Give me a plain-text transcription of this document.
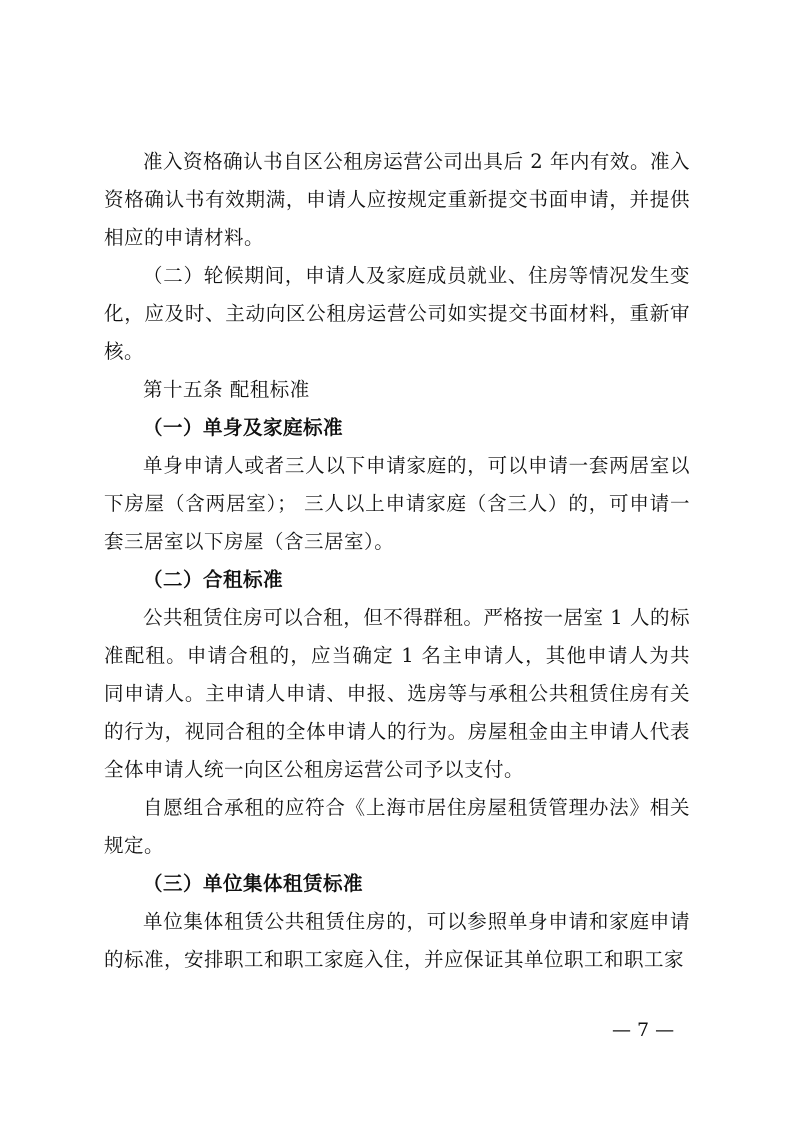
准入资格确认书自区公租房运营公司出具后 2 年内有效。准入资格确认书有效期满，申请人应按规定重新提交书面申请，并提供相应的申请材料。

（二）轮候期间，申请人及家庭成员就业、住房等情况发生变化，应及时、主动向区公租房运营公司如实提交书面材料，重新审核。

第十五条 配租标准

（一）单身及家庭标准

单身申请人或者三人以下申请家庭的，可以申请一套两居室以下房屋（含两居室）； 三人以上申请家庭（含三人）的，可申请一套三居室以下房屋（含三居室）。

（二）合租标准

公共租赁住房可以合租，但不得群租。严格按一居室 1 人的标准配租。申请合租的，应当确定 1 名主申请人，其他申请人为共同申请人。主申请人申请、申报、选房等与承租公共租赁住房有关的行为，视同合租的全体申请人的行为。房屋租金由主申请人代表全体申请人统一向区公租房运营公司予以支付。

自愿组合承租的应符合《上海市居住房屋租赁管理办法》相关规定。

（三）单位集体租赁标准

单位集体租赁公共租赁住房的，可以参照单身申请和家庭申请的标准，安排职工和职工家庭入住，并应保证其单位职工和职工家

— 7 —
